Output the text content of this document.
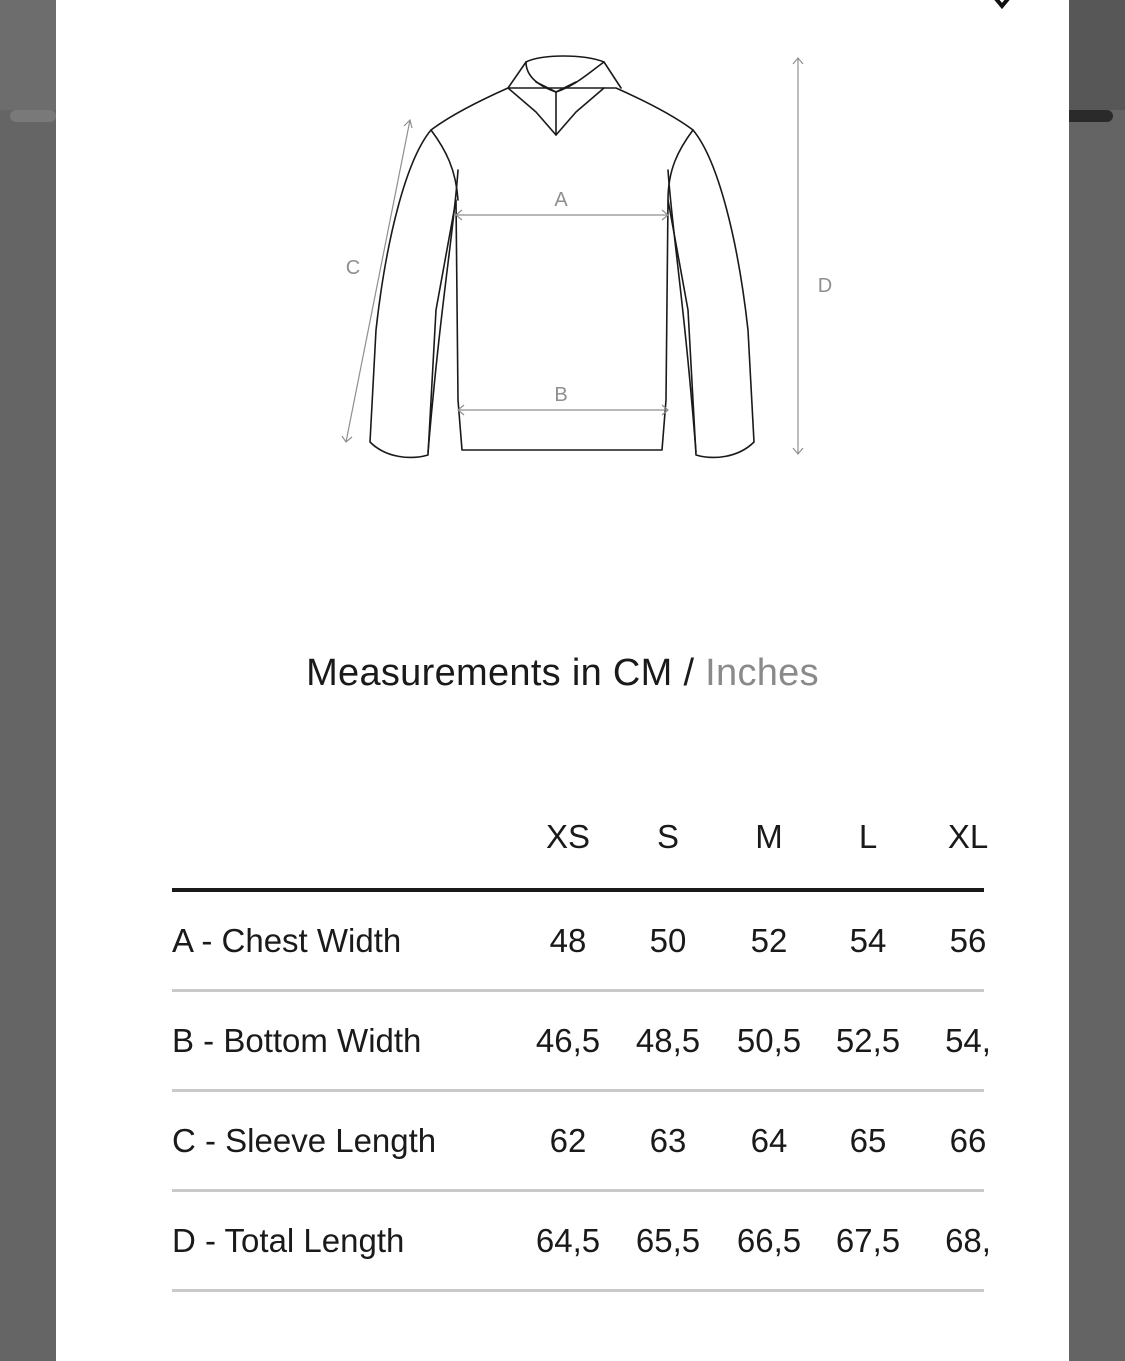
A
B
C
D
Measurements in CM / Inches
XS	S	M	L	XL
A - Chest Width	48	50	52	54	56
B - Bottom Width	46,5	48,5	50,5	52,5	54,
C - Sleeve Length	62	63	64	65	66
D - Total Length	64,5	65,5	66,5	67,5	68,
